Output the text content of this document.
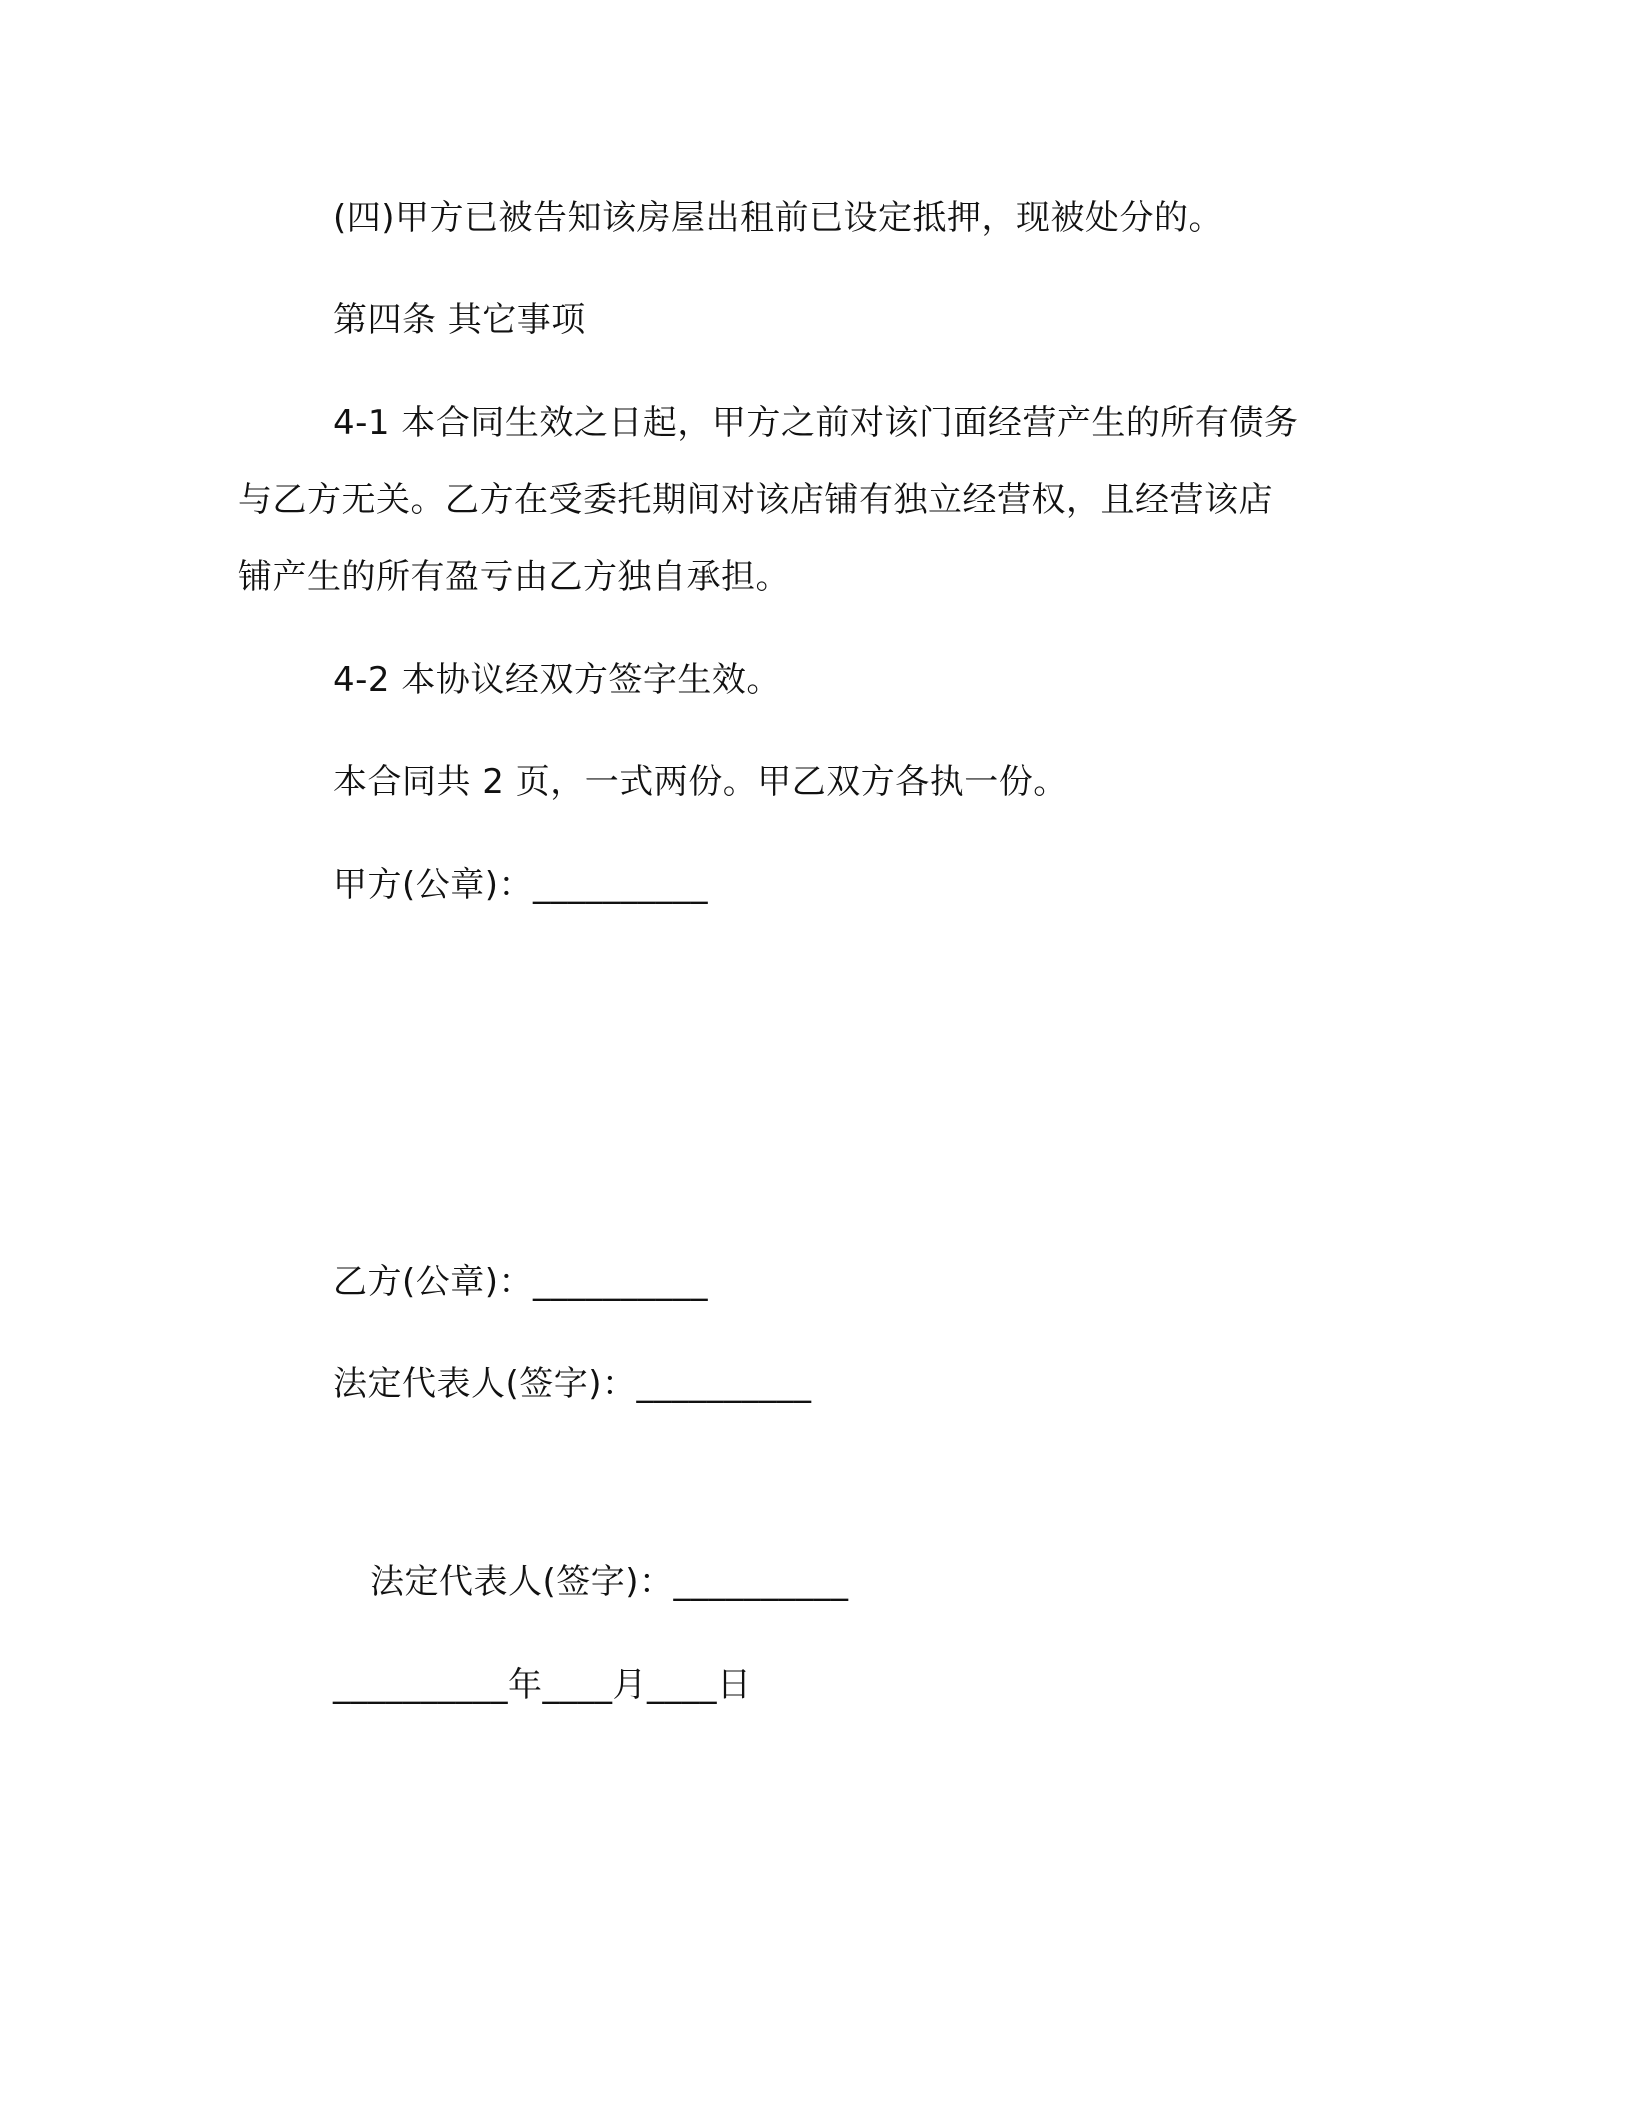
(四)甲方已被告知该房屋出租前已设定抵押，现被处分的。
第四条 其它事项
4-1 本合同生效之日起，甲方之前对该门面经营产生的所有债务
与乙方无关。乙方在受委托期间对该店铺有独立经营权，且经营该店
铺产生的所有盈亏由乙方独自承担。
4-2 本协议经双方签字生效。
本合同共 2 页，一式两份。甲乙双方各执一份。
甲方(公章)：__________
乙方(公章)：__________
法定代表人(签字)：__________
法定代表人(签字)：__________
__________年____月____日
